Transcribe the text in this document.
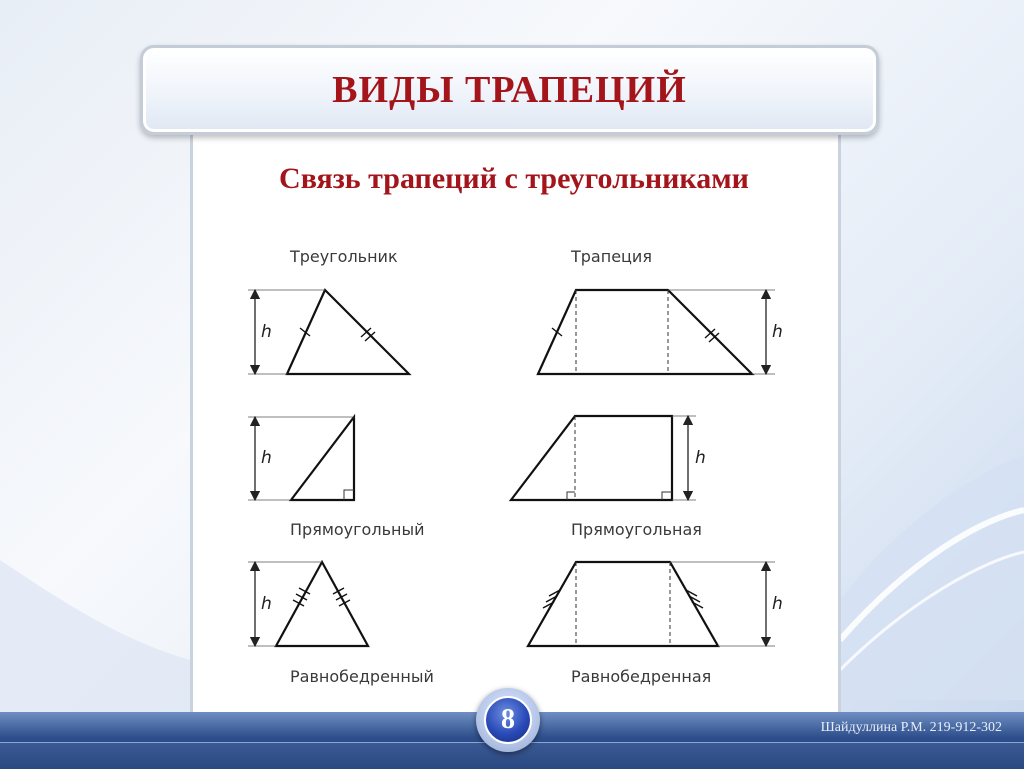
ВИДЫ ТРАПЕЦИЙ
Связь трапеций с треугольниками
Треугольник	Трапеция
Прямоугольный	Прямоугольная
Равнобедренный	Равнобедренная
h	h
h	h
h	h
Шайдуллина Р.М. 219-912-302
8
